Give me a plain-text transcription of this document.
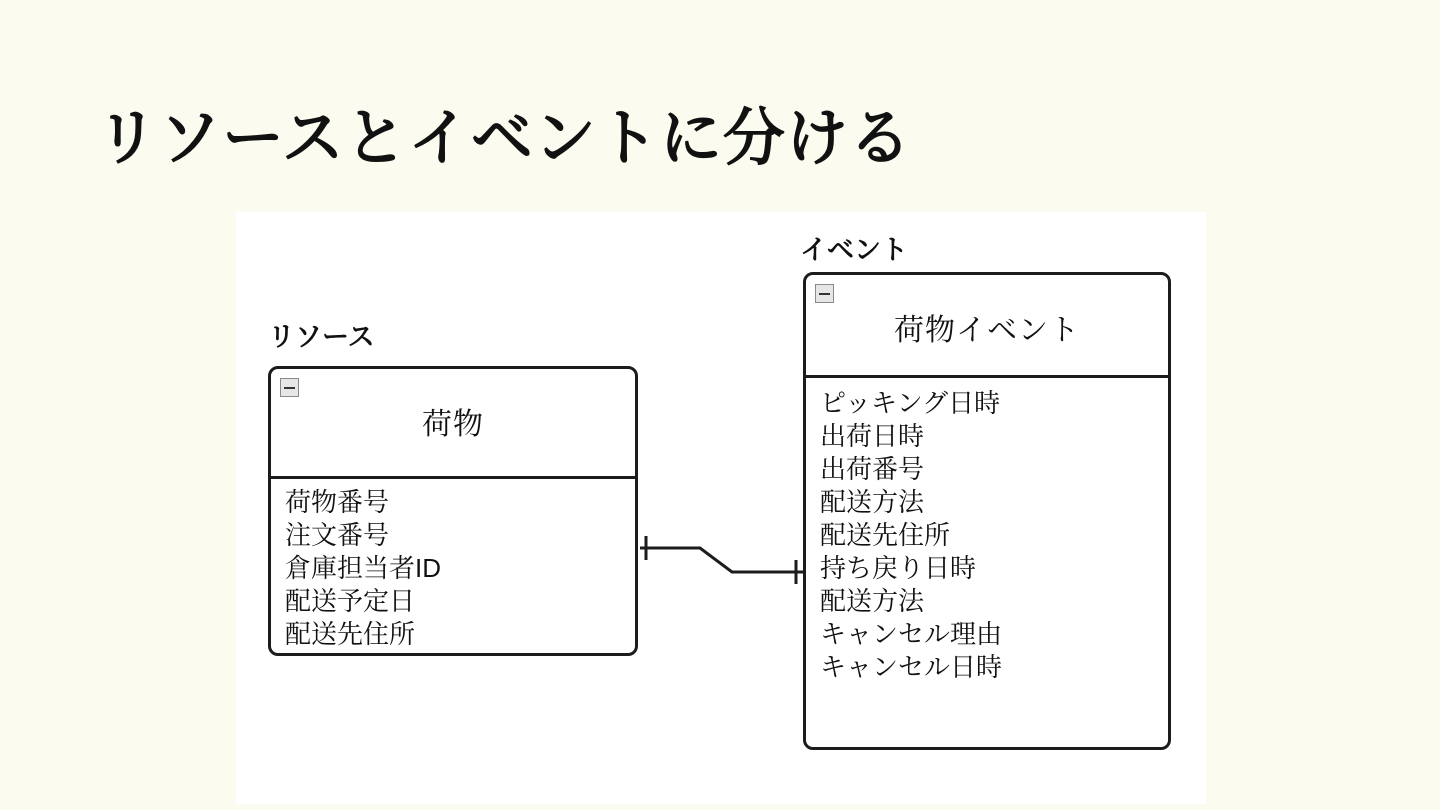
リソースとイベントに分ける
リソース
イベント
荷物
荷物番号
注文番号
倉庫担当者ID
配送予定日
配送先住所
荷物イベント
ピッキング日時
出荷日時
出荷番号
配送方法
配送先住所
持ち戻り日時
配送方法
キャンセル理由
キャンセル日時
